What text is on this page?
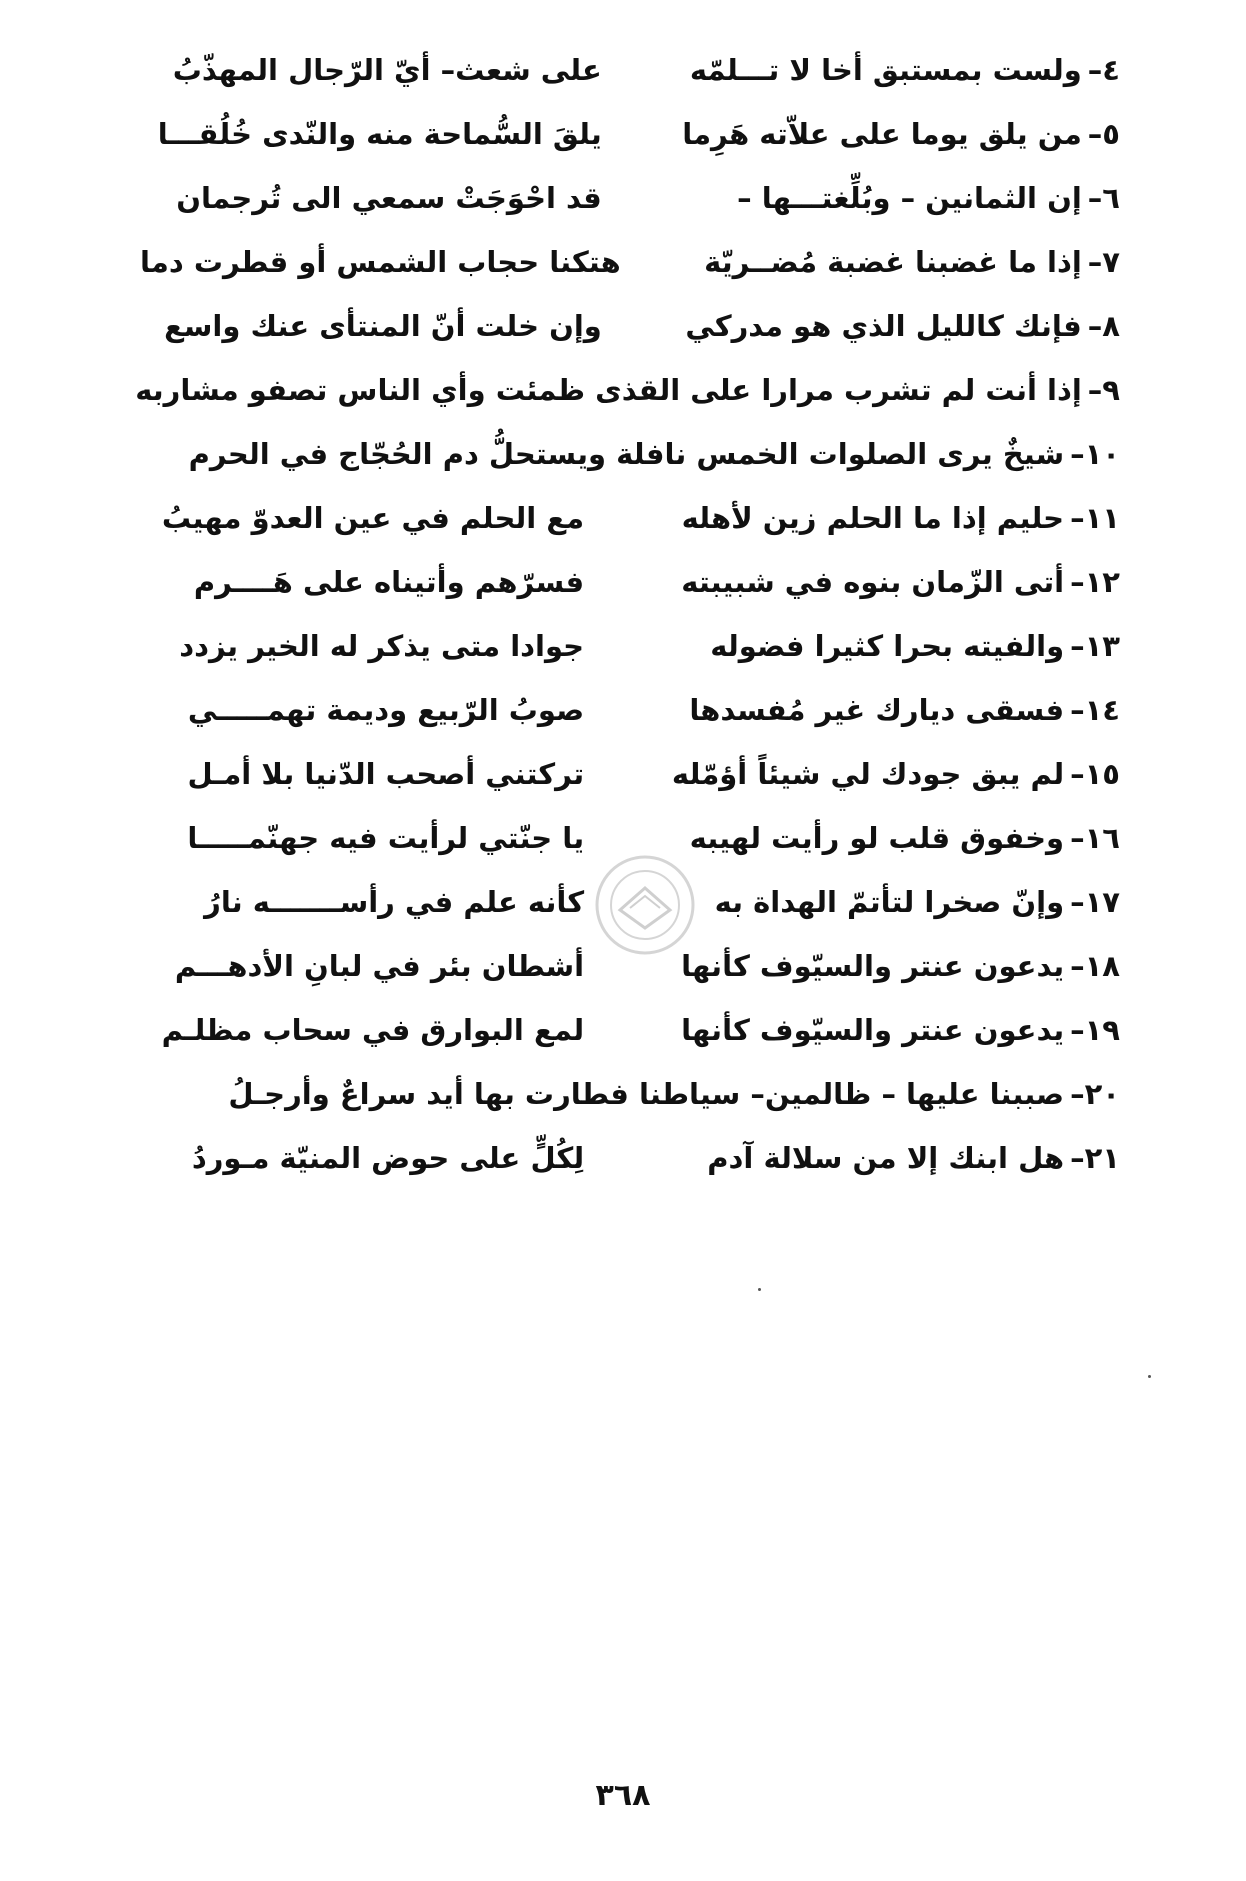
٤–
ولست بمستبق أخا لا تـــلمّه
على شعث– أيّ الرّجال المهذّبُ
٥–
من يلق يوما على علاّته هَرِما
يلقَ السُّماحة منه والنّدى خُلُقـــا
٦–
إن الثمانين – وبُلِّغتـــها –
قد احْوَجَتْ سمعي الى تُرجمان
٧–
إذا ما غضبنا غضبة مُضــريّة
هتكنا حجاب الشمس أو قطرت دما
٨–
فإنك كالليل الذي هو مدركي
وإن خلت أنّ المنتأى عنك واسع
٩–
إذا أنت لم تشرب مرارا على القذى ظمئت وأي الناس تصفو مشاربه
١٠–
شيخٌ يرى الصلوات الخمس نافلة ويستحلُّ دم الحُجّاج في الحرم
١١–
حليم إذا ما الحلم زين لأهله
مع الحلم في عين العدوّ مهيبُ
١٢–
أتى الزّمان بنوه في شبيبته
فسرّهم وأتيناه على هَــــرم
١٣–
والفيته بحرا كثيرا فضوله
جوادا متى يذكر له الخير يزدد
١٤–
فسقى ديارك غير مُفسدها
صوبُ الرّبيع وديمة تهمـــــي
١٥–
لم يبق جودك لي شيئاً أؤمّله
تركتني أصحب الدّنيا بلا أمـل
١٦–
وخفوق قلب لو رأيت لهيبه
يا جنّتي لرأيت فيه جهنّمـــــا
١٧–
وإنّ صخرا لتأتمّ الهداة به
كأنه علم في رأســـــــه نارُ
١٨–
يدعون عنتر والسيّوف كأنها
أشطان بئر في لبانِ الأدهـــم
١٩–
يدعون عنتر والسيّوف كأنها
لمع البوارق في سحاب مظلـم
٢٠–
صببنا عليها – ظالمين– سياطنا فطارت بها أيد سراعٌ وأرجـلُ
٢١–
هل ابنك إلا من سلالة آدم
لِكُلٍّ على حوض المنيّة مـوردُ
٣٦٨
